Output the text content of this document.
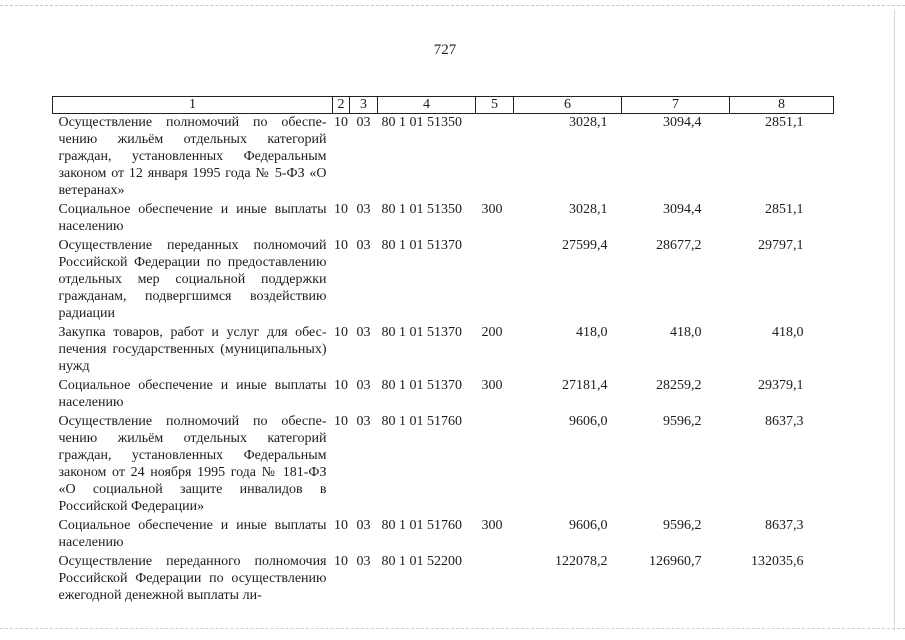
727
1	2	3	4	5	6	7	8
Осуществление полномочий по обеспечению жильём отдельных категорий граждан, установленных Федеральным законом от 12 января 1995 года № 5-ФЗ «О ветеранах»	10	03	80 1 01 51350		3028,1	3094,4	2851,1
Социальное обеспечение и иные выплаты населению	10	03	80 1 01 51350	300	3028,1	3094,4	2851,1
Осуществление переданных полномочий Российской Федерации по предоставлению отдельных мер социальной поддержки гражданам, подвергшимся воздействию радиации	10	03	80 1 01 51370		27599,4	28677,2	29797,1
Закупка товаров, работ и услуг для обеспечения государственных (муниципальных) нужд	10	03	80 1 01 51370	200	418,0	418,0	418,0
Социальное обеспечение и иные выплаты населению	10	03	80 1 01 51370	300	27181,4	28259,2	29379,1
Осуществление полномочий по обеспечению жильём отдельных категорий граждан, установленных Федеральным законом от 24 ноября 1995 года № 181-ФЗ «О социальной защите инвалидов в Российской Федерации»	10	03	80 1 01 51760		9606,0	9596,2	8637,3
Социальное обеспечение и иные выплаты населению	10	03	80 1 01 51760	300	9606,0	9596,2	8637,3
Осуществление переданного полномочия Российской Федерации по осуществлению ежегодной денежной выплаты ли-	10	03	80 1 01 52200		122078,2	126960,7	132035,6
